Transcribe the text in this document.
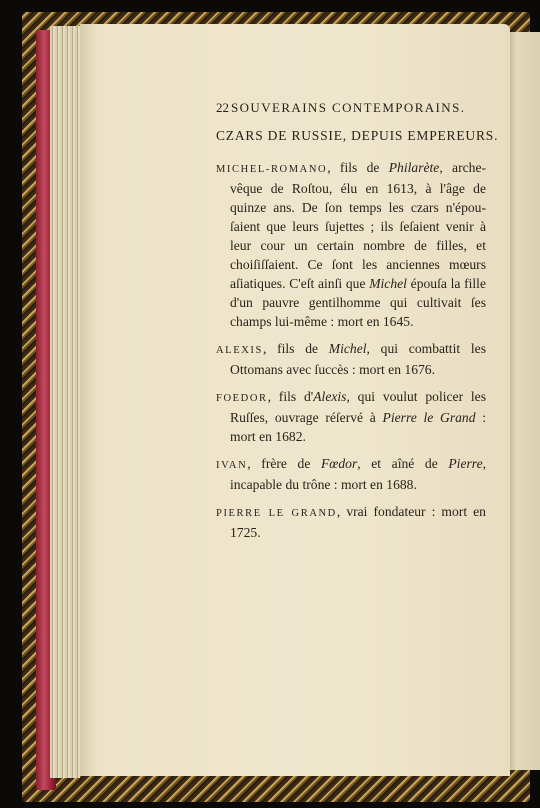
22 SOUVERAINS CONTEMPORAINS.
CZARS DE RUSSIE, DEPUIS EMPEREURS.
MICHEL-ROMANO, fils de Philarète, arche-vêque de Roſtou, élu en 1613, à l'âge de quinze ans. De ſon temps les czars n'épou-ſaient que leurs ſujettes ; ils ſeſaient venir à leur cour un certain nombre de filles, et choiſiſſaient. Ce ſont les anciennes mœurs aſiatiques. C'eſt ainſi que Michel épouſa la fille d'un pauvre gentilhomme qui cultivait ſes champs lui-même : mort en 1645.
ALEXIS, fils de Michel, qui combattit les Ottomans avec ſuccès : mort en 1676.
FOEDOR, fils d'Alexis, qui voulut policer les Ruſſes, ouvrage réſervé à Pierre le Grand : mort en 1682.
IVAN, frère de Fœdor, et aîné de Pierre, incapable du trône : mort en 1688.
PIERRE LE GRAND, vrai fondateur : mort en 1725.
